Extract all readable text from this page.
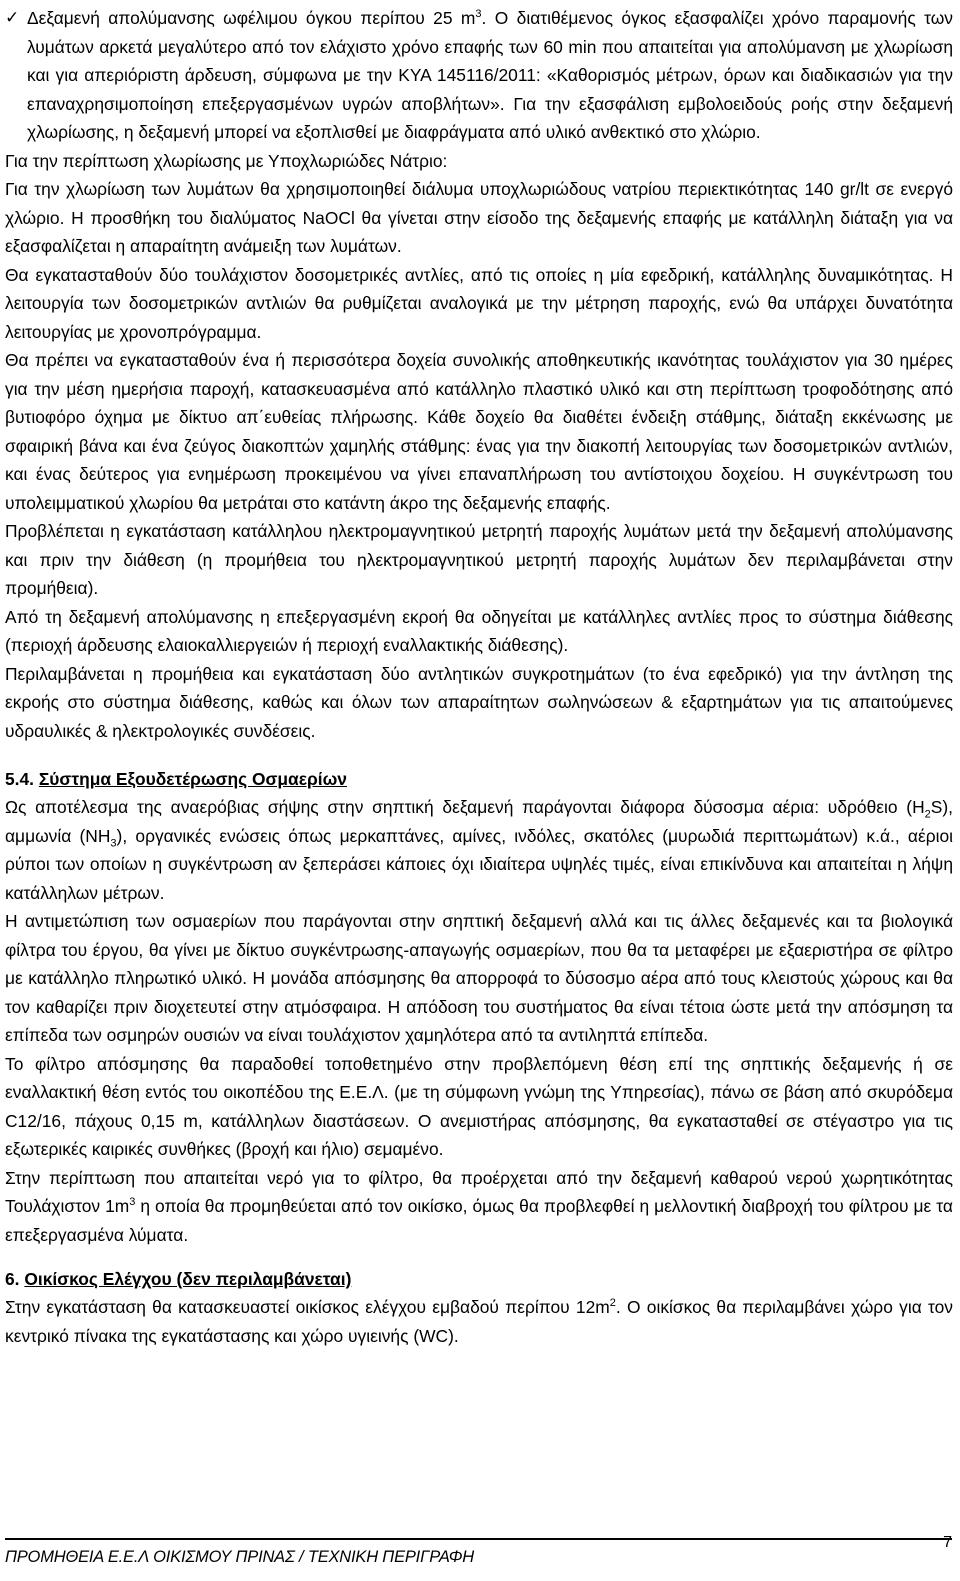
✓ Δεξαμενή απολύμανσης ωφέλιμου όγκου περίπου 25 $m^3$. Ο διατιθέμενος όγκος εξασφαλίζει χρόνο παραμονής των λυμάτων αρκετά μεγαλύτερο από τον ελάχιστο χρόνο επαφής των 60 min που απαιτείται για απολύμανση με χλωρίωση και για απεριόριστη άρδευση, σύμφωνα με την ΚΥΑ 145116/2011: «Καθορισμός μέτρων, όρων και διαδικασιών για την επαναχρησιμοποίηση επεξεργασμένων υγρών αποβλήτων». Για την εξασφάλιση εμβολοειδούς ροής στην δεξαμενή χλωρίωσης, η δεξαμενή μπορεί να εξοπλισθεί με διαφράγματα από υλικό ανθεκτικό στο χλώριο.

Για την περίπτωση χλωρίωσης με Υποχλωριώδες Νάτριο:

Για την χλωρίωση των λυμάτων θα χρησιμοποιηθεί διάλυμα υποχλωριώδους νατρίου περιεκτικότητας 140 gr/lt σε ενεργό χλώριο. Η προσθήκη του διαλύματος NaOCl θα γίνεται στην είσοδο της δεξαμενής επαφής με κατάλληλη διάταξη για να εξασφαλίζεται η απαραίτητη ανάμειξη των λυμάτων.

Θα εγκατασταθούν δύο τουλάχιστον δοσομετρικές αντλίες, από τις οποίες η μία εφεδρική, κατάλληλης δυναμικότητας. Η λειτουργία των δοσομετρικών αντλιών θα ρυθμίζεται αναλογικά με την μέτρηση παροχής, ενώ θα υπάρχει δυνατότητα λειτουργίας με χρονοπρόγραμμα.

Θα πρέπει να εγκατασταθούν ένα ή περισσότερα δοχεία συνολικής αποθηκευτικής ικανότητας τουλάχιστον για 30 ημέρες για την μέση ημερήσια παροχή, κατασκευασμένα από κατάλληλο πλαστικό υλικό και στη περίπτωση τροφοδότησης από βυτιοφόρο όχημα με δίκτυο απ΄ευθείας πλήρωσης. Κάθε δοχείο θα διαθέτει ένδειξη στάθμης, διάταξη εκκένωσης με σφαιρική βάνα και ένα ζεύγος διακοπτών χαμηλής στάθμης: ένας για την διακοπή λειτουργίας των δοσομετρικών αντλιών, και ένας δεύτερος για ενημέρωση προκειμένου να γίνει επαναπλήρωση του αντίστοιχου δοχείου. Η συγκέντρωση του υπολειμματικού χλωρίου θα μετράται στο κατάντη άκρο της δεξαμενής επαφής.

Προβλέπεται η εγκατάσταση κατάλληλου ηλεκτρομαγνητικού μετρητή παροχής λυμάτων μετά την δεξαμενή απολύμανσης και πριν την διάθεση (η προμήθεια του ηλεκτρομαγνητικού μετρητή παροχής λυμάτων δεν περιλαμβάνεται στην προμήθεια).

Από τη δεξαμενή απολύμανσης η επεξεργασμένη εκροή θα οδηγείται με κατάλληλες αντλίες προς το σύστημα διάθεσης (περιοχή άρδευσης ελαιοκαλλιεργειών ή περιοχή εναλλακτικής διάθεσης).

Περιλαμβάνεται η προμήθεια και εγκατάσταση δύο αντλητικών συγκροτημάτων (το ένα εφεδρικό) για την άντληση της εκροής στο σύστημα διάθεσης, καθώς και όλων των απαραίτητων σωληνώσεων & εξαρτημάτων για τις απαιτούμενες υδραυλικές & ηλεκτρολογικές συνδέσεις.

5.4. Σύστημα Εξουδετέρωσης Οσμαερίων

Ως αποτέλεσμα της αναερόβιας σήψης στην σηπτική δεξαμενή παράγονται διάφορα δύσοσμα αέρια: υδρόθειο $(H_2S)$, αμμωνία $(NH_3)$, οργανικές ενώσεις όπως μερκαπτάνες, αμίνες, ινδόλες, σκατόλες (μυρωδιά περιττωμάτων) κ.ά., αέριοι ρύποι των οποίων η συγκέντρωση αν ξεπεράσει κάποιες όχι ιδιαίτερα υψηλές τιμές, είναι επικίνδυνα και απαιτείται η λήψη κατάλληλων μέτρων.

Η αντιμετώπιση των οσμαερίων που παράγονται στην σηπτική δεξαμενή αλλά και τις άλλες δεξαμενές και τα βιολογικά φίλτρα του έργου, θα γίνει με δίκτυο συγκέντρωσης-απαγωγής οσμαερίων, που θα τα μεταφέρει με εξαεριστήρα σε φίλτρο με κατάλληλο πληρωτικό υλικό. Η μονάδα απόσμησης θα απορροφά το δύσοσμο αέρα από τους κλειστούς χώρους και θα τον καθαρίζει πριν διοχετευτεί στην ατμόσφαιρα. Η απόδοση του συστήματος θα είναι τέτοια ώστε μετά την απόσμηση τα επίπεδα των οσμηρών ουσιών να είναι τουλάχιστον χαμηλότερα από τα αντιληπτά επίπεδα.

Το φίλτρο απόσμησης θα παραδοθεί τοποθετημένο στην προβλεπόμενη θέση επί της σηπτικής δεξαμενής ή σε εναλλακτική θέση εντός του οικοπέδου της Ε.Ε.Λ. (με τη σύμφωνη γνώμη της Υπηρεσίας), πάνω σε βάση από σκυρόδεμα C12/16, πάχους 0,15 m, κατάλληλων διαστάσεων. Ο ανεμιστήρας απόσμησης, θα εγκατασταθεί σε στέγαστρο για τις εξωτερικές καιρικές συνθήκες (βροχή και ήλιο) σεμαμένο.

Στην περίπτωση που απαιτείται νερό για το φίλτρο, θα προέρχεται από την δεξαμενή καθαρού νερού χωρητικότητας Τουλάχιστον $1m^3$ η οποία θα προμηθεύεται από τον οικίσκο, όμως θα προβλεφθεί η μελλοντική διαβροχή του φίλτρου με τα επεξεργασμένα λύματα.

6. Οικίσκος Ελέγχου (δεν περιλαμβάνεται)

Στην εγκατάσταση θα κατασκευαστεί οικίσκος ελέγχου εμβαδού περίπου $12m^2$. Ο οικίσκος θα περιλαμβάνει χώρο για τον κεντρικό πίνακα της εγκατάστασης και χώρο υγιεινής (WC).

ΠΡΟΜΗΘΕΙΑ Ε.Ε.Λ ΟΙΚΙΣΜΟΥ ΠΡΙΝΑΣ / ΤΕΧΝΙΚΗ ΠΕΡΙΓΡΑΦΗ
7
